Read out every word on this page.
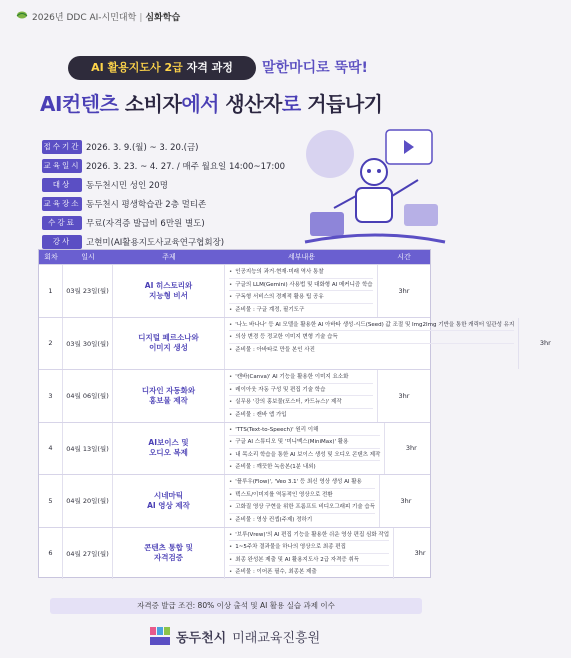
2026년 DDC AI-시민대학 | 심화학습
AI 활용지도사 2급 자격 과정	말한마디로 뚝딱!
AI컨텐츠 소비자에서 생산자로 거듭나기
접수기간 2026. 3. 9.(월) ~ 3. 20.(금)
교육일시 2026. 3. 23. ~ 4. 27. / 매주 월요일 14:00~17:00
대상	동두천시민 성인 20명
교육장소 동두천시 평생학습관 2층 멀티존
수강료	무료(자격증 발급비 6만원 별도)
강사	고현미(AI활용지도사교육연구협회장)
회차	일시	주제	세부내용	시간
1	03월 23일(월)
AI 히스토리와
지능형 비서
• 인공지능의 과거·현재·미래 역사 통찰
• 구글의 LLM(Gemini) 사용법 및 대화형 AI 메커니즘 학습
• 구독형 서비스의 경제적 활용 팁 공유
• 준비물 : 구글 계정, 필기도구
3hr
2	03월 30일(월)
디지털 페르소나와
이미지 생성
• '나노 바나나' 등 AI 모델을 활용한 AI 아바타 생성·시드(Seed) 값 조절 및 Img2Img 기반을 통한 캐릭터 일관성 유지
• 의상 변경 등 정교한 이미지 변형 기술 습득
• 준비물 : 아바타로 만들 본인 사진
3hr
3	04월 06일(월)
디자인 자동화와
홍보물 제작
• '캔바(Canva)' AI 기능을 활용한 이미지 요소화
• 레이아웃 자동 구성 및 편집 기술 학습
• 실무용 '강의 홍보물(포스터, 카드뉴스)' 제작
• 준비물 : 캔바 앱 가입
3hr
4	04월 13일(월)
AI보이스 및
오디오 복제
• 'TTS(Text-to-Speech)' 원리 이해
• 구글 AI 스튜디오 및 '미니맥스(MiniMax)' 활용
• 내 목소리 학습을 통한 AI 보이스 생성 및 오디오 콘텐츠 제작
• 준비물 : 깨끗한 녹음본(1분 내외)
3hr
5	04월 20일(월)
시네마틱
AI 영상 제작
• '플루우(Flow)', 'Veo 3.1' 등 최신 영상 생성 AI 활용
• 텍스트/이미지를 역동적인 영상으로 전환
• 고화질 영상 구현을 위한 프롬프트 비디오그래피 기술 습득
• 준비물 : 영상 컨셉(주제) 정하기
3hr
6	04월 27일(월)
콘텐츠 통합 및
자격검증
• '브루(Vrew)'의 AI 편집 기능을 활용한 쉬운 영상 편집 심화 작업
• 1~5주차 결과물을 하나의 영상으로 최종 편집
• 최종 완성본 제출 및 AI 활용지도사 2급 자격증 취득
• 준비물 : 이어폰 필수, 최종본 제출
3hr
자격증 발급 조건: 80% 이상 출석 및 AI 활용 실습 과제 이수
동두천시 미래교육진흥원
